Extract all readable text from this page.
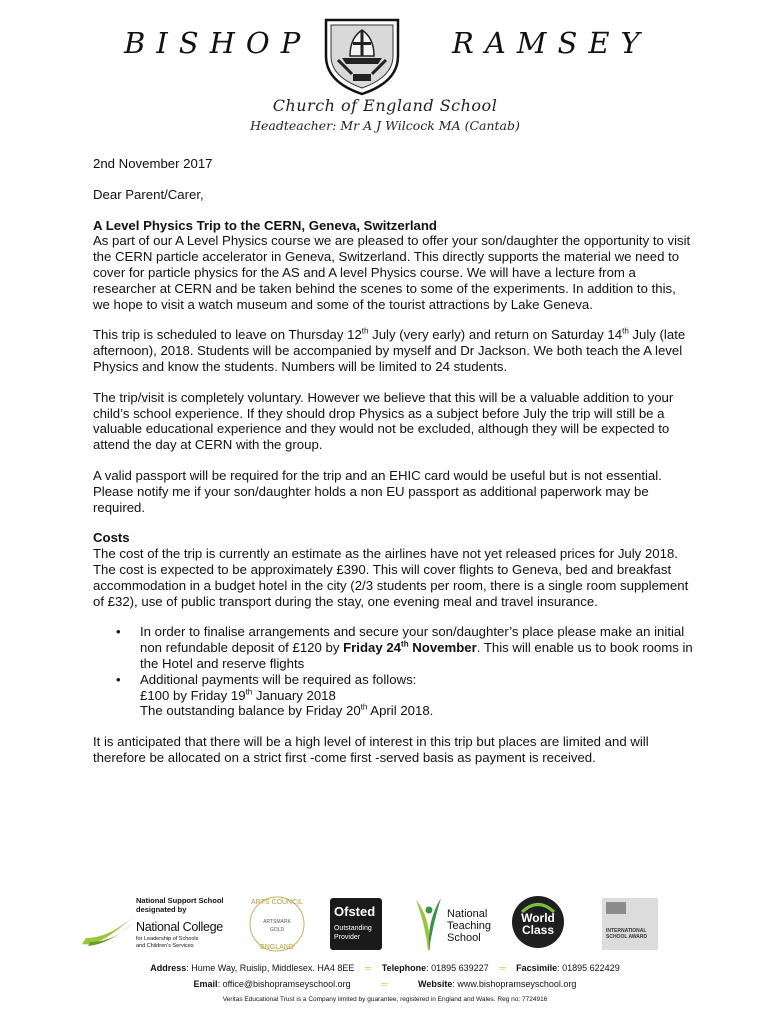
BISHOP	RAMSEY
Church of England School
Headteacher: Mr A J Wilcock MA (Cantab)

2nd November 2017

Dear Parent/Carer,

A Level Physics Trip to the CERN, Geneva, Switzerland

As part of our A Level Physics course we are pleased to offer your son/daughter the opportunity to visit the CERN particle accelerator in Geneva, Switzerland. This directly supports the material we need to cover for particle physics for the AS and A level Physics course. We will have a lecture from a researcher at CERN and be taken behind the scenes to some of the experiments. In addition to this, we hope to visit a watch museum and some of the tourist attractions by Lake Geneva.

This trip is scheduled to leave on Thursday 12th July (very early) and return on Saturday 14th July (late afternoon), 2018. Students will be accompanied by myself and Dr Jackson. We both teach the A level Physics and know the students. Numbers will be limited to 24 students.

The trip/visit is completely voluntary. However we believe that this will be a valuable addition to your child’s school experience. If they should drop Physics as a subject before July the trip will still be a valuable educational experience and they would not be excluded, although they will be expected to attend the day at CERN with the group.

A valid passport will be required for the trip and an EHIC card would be useful but is not essential. Please notify me if your son/daughter holds a non EU passport as additional paperwork may be required.

Costs

The cost of the trip is currently an estimate as the airlines have not yet released prices for July 2018. The cost is expected to be approximately £390. This will cover flights to Geneva, bed and breakfast accommodation in a budget hotel in the city (2/3 students per room, there is a single room supplement of £32), use of public transport during the stay, one evening meal and travel insurance.

• In order to finalise arrangements and secure your son/daughter’s place please make an initial non refundable deposit of £120 by Friday 24th November. This will enable us to book rooms in the Hotel and reserve flights
• Additional payments will be required as follows:
£100 by Friday 19th January 2018
The outstanding balance by Friday 20th April 2018.

It is anticipated that there will be a high level of interest in this trip but places are limited and will therefore be allocated on a strict first -come first -served basis as payment is received.

National Support School
designated by
National College
for Leadership of Schools
and Children's Services
ARTS COUNCIL
ARTSMARK
GOLD
ENGLAND
Ofsted
Outstanding
Provider
National
Teaching
School
World
Class	INTERNATIONAL
SCHOOL AWARD
Address: Hume Way, Ruislip, Middlesex. HA4 8EE ═ Telephone: 01895 639227 ═ Facsimile: 01895 622429
Email: office@bishopramseyschool.org	═	Website: www.bishopramseyschool.org
Veritas Educational Trust is a Company limited by guarantee, registered in England and Wales. Reg no: 7724916
